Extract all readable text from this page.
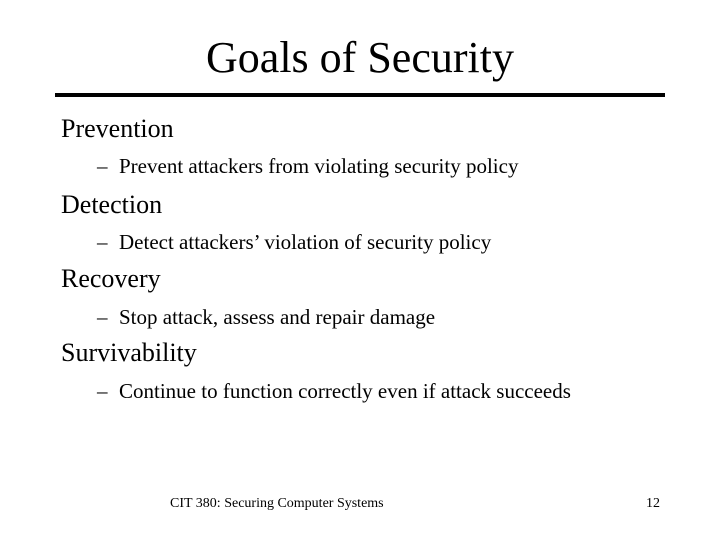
Goals of Security
Prevention
– Prevent attackers from violating security policy
Detection
– Detect attackers’ violation of security policy
Recovery
– Stop attack, assess and repair damage
Survivability
– Continue to function correctly even if attack succeeds
CIT 380: Securing Computer Systems	12
